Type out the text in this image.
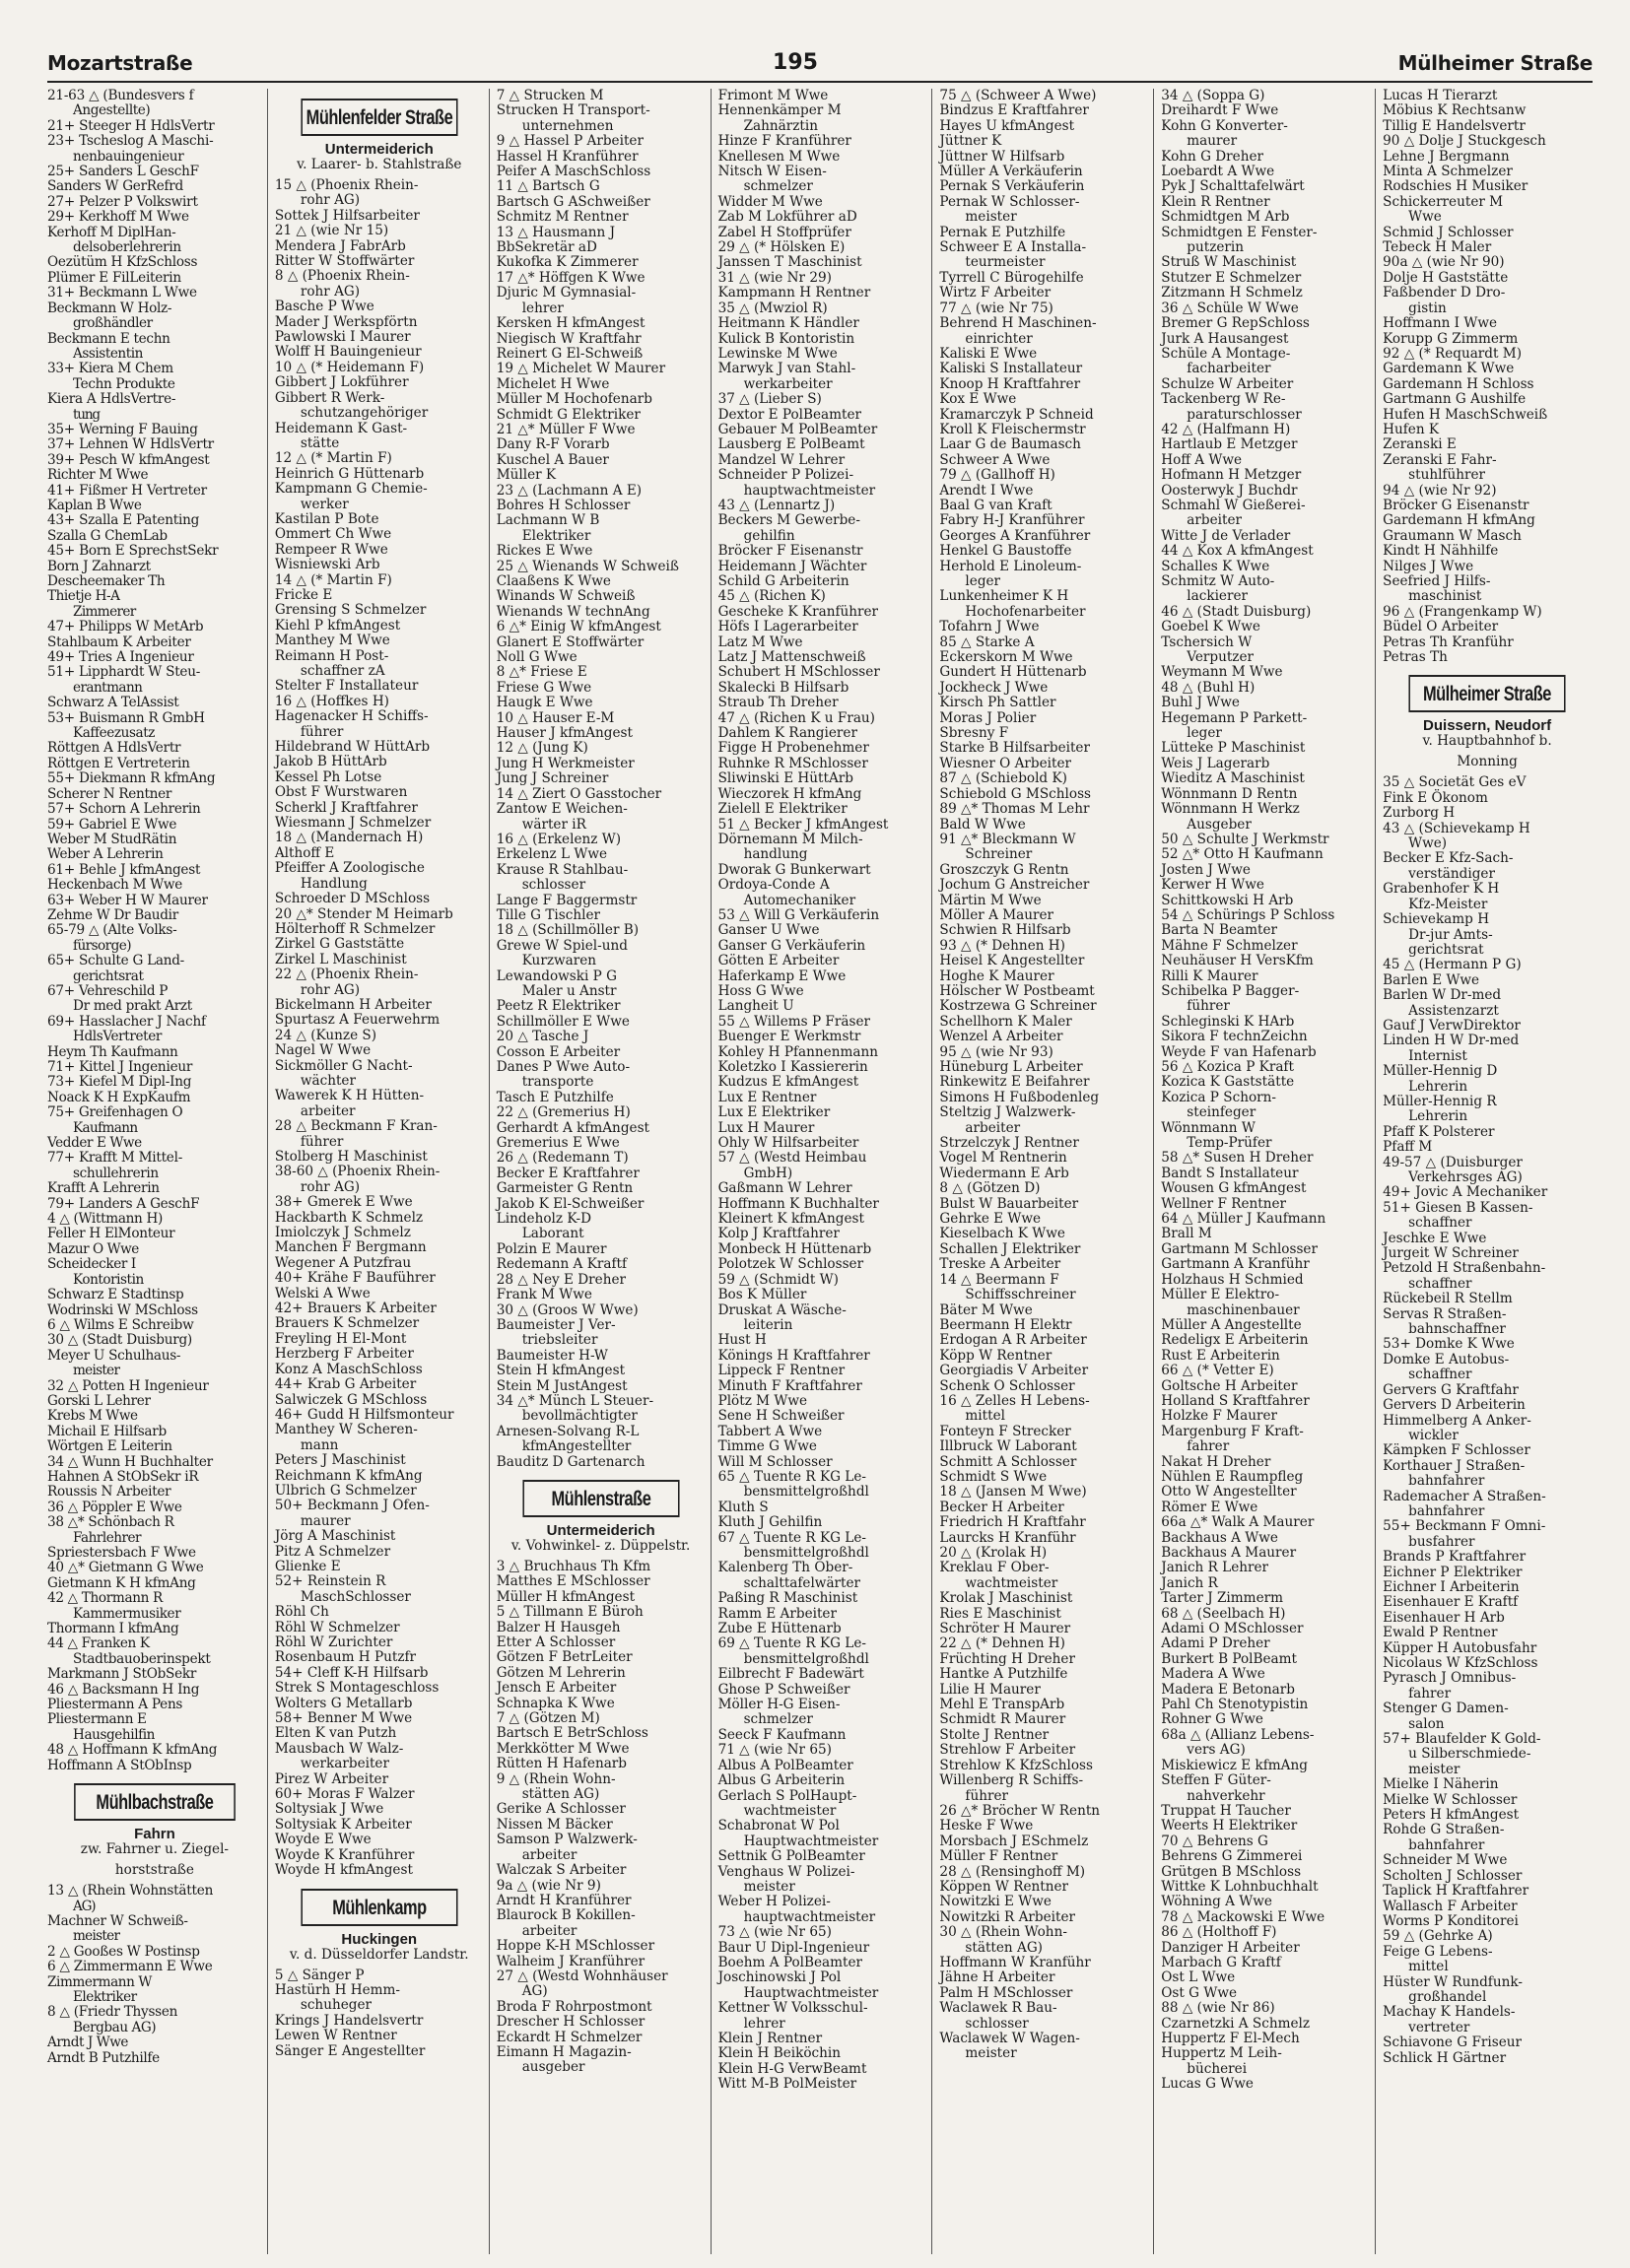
Mozartstraße	195	Mülheimer Straße
21-63 △ (Bundesvers f
Angestellte)
21+ Steeger H HdlsVertr
23+ Tscheslog A Maschi-
nenbauingenieur
25+ Sanders L GeschF
Sanders W GerRefrd
27+ Pelzer P Volkswirt
29+ Kerkhoff M Wwe
Kerhoff M DiplHan-
delsoberlehrerin
Oezütüm H KfzSchloss
Plümer E FilLeiterin
31+ Beckmann L Wwe
Beckmann W Holz-
großhändler
Beckmann E techn
Assistentin
33+ Kiera M Chem
Techn Produkte
Kiera A HdlsVertre-
tung
35+ Werning F Bauing
37+ Lehnen W HdlsVertr
39+ Pesch W kfmAngest
Richter M Wwe
41+ Fißmer H Vertreter
Kaplan B Wwe
43+ Szalla E Patenting
Szalla G ChemLab
45+ Born E SprechstSekr
Born J Zahnarzt
Descheemaker Th
Thietje H-A
Zimmerer
47+ Philipps W MetArb
Stahlbaum K Arbeiter
49+ Tries A Ingenieur
51+ Lipphardt W Steu-
erantmann
Schwarz A TelAssist
53+ Buismann R GmbH
Kaffeezusatz
Röttgen A HdlsVertr
Röttgen E Vertreterin
55+ Diekmann R kfmAng
Scherer N Rentner
57+ Schorn A Lehrerin
59+ Gabriel E Wwe
Weber M StudRätin
Weber A Lehrerin
61+ Behle J kfmAngest
Heckenbach M Wwe
63+ Weber H W Maurer
Zehme W Dr Baudir
65-79 △ (Alte Volks-
fürsorge)
65+ Schulte G Land-
gerichtsrat
67+ Vehreschild P
Dr med prakt Arzt
69+ Hasslacher J Nachf
HdlsVertreter
Heym Th Kaufmann
71+ Kittel J Ingenieur
73+ Kiefel M Dipl-Ing
Noack K H ExpKaufm
75+ Greifenhagen O
Kaufmann
Vedder E Wwe
77+ Krafft M Mittel-
schullehrerin
Krafft A Lehrerin
79+ Landers A GeschF
4 △ (Wittmann H)
Feller H ElMonteur
Mazur O Wwe
Scheidecker I
Kontoristin
Schwarz E Stadtinsp
Wodrinski W MSchloss
6 △ Wilms E Schreibw
30 △ (Stadt Duisburg)
Meyer U Schulhaus-
meister
32 △ Potten H Ingenieur
Gorski L Lehrer
Krebs M Wwe
Michail E Hilfsarb
Wörtgen E Leiterin
34 △ Wunn H Buchhalter
Hahnen A StObSekr iR
Roussis N Arbeiter
36 △ Pöppler E Wwe
38 △* Schönbach R
Fahrlehrer
Spriestersbach F Wwe
40 △* Gietmann G Wwe
Gietmann K H kfmAng
42 △ Thormann R
Kammermusiker
Thormann I kfmAng
44 △ Franken K
Stadtbauoberinspekt
Markmann J StObSekr
46 △ Backsmann H Ing
Pliestermann A Pens
Pliestermann E
Hausgehilfin
48 △ Hoffmann K kfmAng
Hoffmann A StObInsp
Mühlbachstraße
Fahrn
zw. Fahrner u. Ziegel-
horststraße
13 △ (Rhein Wohnstätten
AG)
Machner W Schweiß-
meister
2 △ Gooßes W Postinsp
6 △ Zimmermann E Wwe
Zimmermann W
Elektriker
8 △ (Friedr Thyssen
Bergbau AG)
Arndt J Wwe
Arndt B Putzhilfe
Mühlenfelder Straße
Untermeiderich
v. Laarer- b. Stahlstraße
15 △ (Phoenix Rhein-
rohr AG)
Sottek J Hilfsarbeiter
21 △ (wie Nr 15)
Mendera J FabrArb
Ritter W Stoffwärter
8 △ (Phoenix Rhein-
rohr AG)
Basche P Wwe
Mader J Werkspförtn
Pawlowski I Maurer
Wolff H Bauingenieur
10 △ (* Heidemann F)
Gibbert J Lokführer
Gibbert R Werk-
schutzangehöriger
Heidemann K Gast-
stätte
12 △ (* Martin F)
Heinrich G Hüttenarb
Kampmann G Chemie-
werker
Kastilan P Bote
Ommert Ch Wwe
Rempeer R Wwe
Wisniewski Arb
14 △ (* Martin F)
Fricke E
Grensing S Schmelzer
Kiehl P kfmAngest
Manthey M Wwe
Reimann H Post-
schaffner zA
Stelter F Installateur
16 △ (Hoffkes H)
Hagenacker H Schiffs-
führer
Hildebrand W HüttArb
Jakob B HüttArb
Kessel Ph Lotse
Obst F Wurstwaren
Scherkl J Kraftfahrer
Wiesmann J Schmelzer
18 △ (Mandernach H)
Althoff E
Pfeiffer A Zoologische
Handlung
Schroeder D MSchloss
20 △* Stender M Heimarb
Hölterhoff R Schmelzer
Zirkel G Gaststätte
Zirkel L Maschinist
22 △ (Phoenix Rhein-
rohr AG)
Bickelmann H Arbeiter
Spurtasz A Feuerwehrm
24 △ (Kunze S)
Nagel W Wwe
Sickmöller G Nacht-
wächter
Wawerek K H Hütten-
arbeiter
28 △ Beckmann F Kran-
führer
Stolberg H Maschinist
38-60 △ (Phoenix Rhein-
rohr AG)
38+ Gmerek E Wwe
Hackbarth K Schmelz
Imiolczyk J Schmelz
Manchen F Bergmann
Wegener A Putzfrau
40+ Krähe F Bauführer
Welski A Wwe
42+ Brauers K Arbeiter
Brauers K Schmelzer
Freyling H El-Mont
Herzberg F Arbeiter
Konz A MaschSchloss
44+ Krab G Arbeiter
Salwiczek G MSchloss
46+ Gudd H Hilfsmonteur
Manthey W Scheren-
mann
Peters J Maschinist
Reichmann K kfmAng
Ulbrich G Schmelzer
50+ Beckmann J Ofen-
maurer
Jörg A Maschinist
Pitz A Schmelzer
Glienke E
52+ Reinstein R
MaschSchlosser
Röhl Ch
Röhl W Schmelzer
Röhl W Zurichter
Rosenbaum H Putzfr
54+ Cleff K-H Hilfsarb
Strek S Montageschloss
Wolters G Metallarb
58+ Benner M Wwe
Elten K van Putzh
Mausbach W Walz-
werkarbeiter
Pirez W Arbeiter
60+ Moras F Walzer
Soltysiak J Wwe
Soltysiak K Arbeiter
Woyde E Wwe
Woyde K Kranführer
Woyde H kfmAngest
Mühlenkamp
Huckingen
v. d. Düsseldorfer Landstr.
5 △ Sänger P
Hastürh H Hemm-
schuheger
Krings J Handelsvertr
Lewen W Rentner
Sänger E Angestellter
7 △ Strucken M
Strucken H Transport-
unternehmen
9 △ Hassel P Arbeiter
Hassel H Kranführer
Peifer A MaschSchloss
11 △ Bartsch G
Bartsch G ASchweißer
Schmitz M Rentner
13 △ Hausmann J
BbSekretär aD
Kukofka K Zimmerer
17 △* Höffgen K Wwe
Djuric M Gymnasial-
lehrer
Kersken H kfmAngest
Niegisch W Kraftfahr
Reinert G El-Schweiß
19 △ Michelet W Maurer
Michelet H Wwe
Müller M Hochofenarb
Schmidt G Elektriker
21 △* Müller F Wwe
Dany R-F Vorarb
Kuschel A Bauer
Müller K
23 △ (Lachmann A E)
Bohres H Schlosser
Lachmann W B
Elektriker
Rickes E Wwe
25 △ Wienands W Schweiß
Claaßens K Wwe
Winands W Schweiß
Wienands W technAng
6 △* Einig W kfmAngest
Glanert E Stoffwärter
Noll G Wwe
8 △* Friese E
Friese G Wwe
Haugk E Wwe
10 △ Hauser E-M
Hauser J kfmAngest
12 △ (Jung K)
Jung H Werkmeister
Jung J Schreiner
14 △ Ziert O Gasstocher
Zantow E Weichen-
wärter iR
16 △ (Erkelenz W)
Erkelenz L Wwe
Krause R Stahlbau-
schlosser
Lange F Baggermstr
Tille G Tischler
18 △ (Schillmöller B)
Grewe W Spiel-und
Kurzwaren
Lewandowski P G
Maler u Anstr
Peetz R Elektriker
Schillmöller E Wwe
20 △ Tasche J
Cosson E Arbeiter
Danes P Wwe Auto-
transporte
Tasch E Putzhilfe
22 △ (Gremerius H)
Gerhardt A kfmAngest
Gremerius E Wwe
26 △ (Redemann T)
Becker E Kraftfahrer
Garmeister G Rentn
Jakob K El-Schweißer
Lindeholz K-D
Laborant
Polzin E Maurer
Redemann A Kraftf
28 △ Ney E Dreher
Frank M Wwe
30 △ (Groos W Wwe)
Baumeister J Ver-
triebsleiter
Baumeister H-W
Stein H kfmAngest
Stein M JustAngest
34 △* Münch L Steuer-
bevollmächtigter
Arnesen-Solvang R-L
kfmAngestellter
Bauditz D Gartenarch
Mühlenstraße
Untermeiderich
v. Vohwinkel- z. Düppelstr.
3 △ Bruchhaus Th Kfm
Matthes E MSchlosser
Müller H kfmAngest
5 △ Tillmann E Büroh
Balzer H Hausgeh
Etter A Schlosser
Götzen F BetrLeiter
Götzen M Lehrerin
Jensch E Arbeiter
Schnapka K Wwe
7 △ (Götzen M)
Bartsch E BetrSchloss
Merkkötter M Wwe
Rütten H Hafenarb
9 △ (Rhein Wohn-
stätten AG)
Gerike A Schlosser
Nissen M Bäcker
Samson P Walzwerk-
arbeiter
Walczak S Arbeiter
9a △ (wie Nr 9)
Arndt H Kranführer
Blaurock B Kokillen-
arbeiter
Hoppe K-H MSchlosser
Walheim J Kranführer
27 △ (Westd Wohnhäuser
AG)
Broda F Rohrpostmont
Drescher H Schlosser
Eckardt H Schmelzer
Eimann H Magazin-
ausgeber
Frimont M Wwe
Hennenkämper M
Zahnärztin
Hinze F Kranführer
Knellesen M Wwe
Nitsch W Eisen-
schmelzer
Widder M Wwe
Zab M Lokführer aD
Zabel H Stoffprüfer
29 △ (* Hölsken E)
Janssen T Maschinist
31 △ (wie Nr 29)
Kampmann H Rentner
35 △ (Mwziol R)
Heitmann K Händler
Kulick B Kontoristin
Lewinske M Wwe
Marwyk J van Stahl-
werkarbeiter
37 △ (Lieber S)
Dextor E PolBeamter
Gebauer M PolBeamter
Lausberg E PolBeamt
Mandzel W Lehrer
Schneider P Polizei-
hauptwachtmeister
43 △ (Lennartz J)
Beckers M Gewerbe-
gehilfin
Bröcker F Eisenanstr
Heidemann J Wächter
Schild G Arbeiterin
45 △ (Richen K)
Gescheke K Kranführer
Höfs I Lagerarbeiter
Latz M Wwe
Latz J Mattenschweiß
Schubert H MSchlosser
Skalecki B Hilfsarb
Straub Th Dreher
47 △ (Richen K u Frau)
Dahlem K Rangierer
Figge H Probenehmer
Ruhnke R MSchlosser
Sliwinski E HüttArb
Wieczorek H kfmAng
Zielell E Elektriker
51 △ Becker J kfmAngest
Dörnemann M Milch-
handlung
Dworak G Bunkerwart
Ordoya-Conde A
Automechaniker
53 △ Will G Verkäuferin
Ganser U Wwe
Ganser G Verkäuferin
Götten E Arbeiter
Haferkamp E Wwe
Hoss G Wwe
Langheit U
55 △ Willems P Fräser
Buenger E Werkmstr
Kohley H Pfannenmann
Koletzko I Kassiererin
Kudzus E kfmAngest
Lux E Rentner
Lux E Elektriker
Lux H Maurer
Ohly W Hilfsarbeiter
57 △ (Westd Heimbau
GmbH)
Gaßmann W Lehrer
Hoffmann K Buchhalter
Kleinert K kfmAngest
Kolp J Kraftfahrer
Monbeck H Hüttenarb
Polotzek W Schlosser
59 △ (Schmidt W)
Bos K Müller
Druskat A Wäsche-
leiterin
Hust H
Könings H Kraftfahrer
Lippeck F Rentner
Minuth F Kraftfahrer
Plötz M Wwe
Sene H Schweißer
Tabbert A Wwe
Timme G Wwe
Will M Schlosser
65 △ Tuente R KG Le-
bensmittelgroßhdl
Kluth S
Kluth J Gehilfin
67 △ Tuente R KG Le-
bensmittelgroßhdl
Kalenberg Th Ober-
schalttafelwärter
Paßing R Maschinist
Ramm E Arbeiter
Zube E Hüttenarb
69 △ Tuente R KG Le-
bensmittelgroßhdl
Eilbrecht F Badewärt
Ghose P Schweißer
Möller H-G Eisen-
schmelzer
Seeck F Kaufmann
71 △ (wie Nr 65)
Albus A PolBeamter
Albus G Arbeiterin
Gerlach S PolHaupt-
wachtmeister
Schabronat W Pol
Hauptwachtmeister
Settnik G PolBeamter
Venghaus W Polizei-
meister
Weber H Polizei-
hauptwachtmeister
73 △ (wie Nr 65)
Baur U Dipl-Ingenieur
Boehm A PolBeamter
Joschinowski J Pol
Hauptwachtmeister
Kettner W Volksschul-
lehrer
Klein J Rentner
Klein H Beiköchin
Klein H-G VerwBeamt
Witt M-B PolMeister
75 △ (Schweer A Wwe)
Bindzus E Kraftfahrer
Hayes U kfmAngest
Jüttner K
Jüttner W Hilfsarb
Müller A Verkäuferin
Pernak S Verkäuferin
Pernak W Schlosser-
meister
Pernak E Putzhilfe
Schweer E A Installa-
teurmeister
Tyrrell C Bürogehilfe
Wirtz F Arbeiter
77 △ (wie Nr 75)
Behrend H Maschinen-
einrichter
Kaliski E Wwe
Kaliski S Installateur
Knoop H Kraftfahrer
Kox E Wwe
Kramarczyk P Schneid
Kroll K Fleischermstr
Laar G de Baumasch
Schweer A Wwe
79 △ (Gallhoff H)
Arendt I Wwe
Baal G van Kraft
Fabry H-J Kranführer
Georges A Kranführer
Henkel G Baustoffe
Herhold E Linoleum-
leger
Lunkenheimer K H
Hochofenarbeiter
Tofahrn J Wwe
85 △ Starke A
Eckerskorn M Wwe
Gundert H Hüttenarb
Jockheck J Wwe
Kirsch Ph Sattler
Moras J Polier
Sbresny F
Starke B Hilfsarbeiter
Wiesner O Arbeiter
87 △ (Schiebold K)
Schiebold G MSchloss
89 △* Thomas M Lehr
Bald W Wwe
91 △* Bleckmann W
Schreiner
Groszczyk G Rentn
Jochum G Anstreicher
Märtin M Wwe
Möller A Maurer
Schwien R Hilfsarb
93 △ (* Dehnen H)
Heisel K Angestellter
Hoghe K Maurer
Hölscher W Postbeamt
Kostrzewa G Schreiner
Schellhorn K Maler
Wenzel A Arbeiter
95 △ (wie Nr 93)
Hüneburg L Arbeiter
Rinkewitz E Beifahrer
Simons H Fußbodenleg
Steltzig J Walzwerk-
arbeiter
Strzelczyk J Rentner
Vogel M Rentnerin
Wiedermann E Arb
8 △ (Götzen D)
Bulst W Bauarbeiter
Gehrke E Wwe
Kieselbach K Wwe
Schallen J Elektriker
Treske A Arbeiter
14 △ Beermann F
Schiffsschreiner
Bäter M Wwe
Beermann H Elektr
Erdogan A R Arbeiter
Köpp W Rentner
Georgiadis V Arbeiter
Schenk O Schlosser
16 △ Zelles H Lebens-
mittel
Fonteyn F Strecker
Illbruck W Laborant
Schmitt A Schlosser
Schmidt S Wwe
18 △ (Jansen M Wwe)
Becker H Arbeiter
Friedrich H Kraftfahr
Laurcks H Kranführ
20 △ (Krolak H)
Kreklau F Ober-
wachtmeister
Krolak J Maschinist
Ries E Maschinist
Schröter H Maurer
22 △ (* Dehnen H)
Früchting H Dreher
Hantke A Putzhilfe
Lilie H Maurer
Mehl E TranspArb
Schmidt R Maurer
Stolte J Rentner
Strehlow F Arbeiter
Strehlow K KfzSchloss
Willenberg R Schiffs-
führer
26 △* Bröcher W Rentn
Heske F Wwe
Morsbach J ESchmelz
Müller F Rentner
28 △ (Rensinghoff M)
Köppen W Rentner
Nowitzki E Wwe
Nowitzki R Arbeiter
30 △ (Rhein Wohn-
stätten AG)
Hoffmann W Kranführ
Jähne H Arbeiter
Palm H MSchlosser
Waclawek R Bau-
schlosser
Waclawek W Wagen-
meister
34 △ (Soppa G)
Dreihardt F Wwe
Kohn G Konverter-
maurer
Kohn G Dreher
Loebardt A Wwe
Pyk J Schalttafelwärt
Klein R Rentner
Schmidtgen M Arb
Schmidtgen E Fenster-
putzerin
Struß W Maschinist
Stutzer E Schmelzer
Zitzmann H Schmelz
36 △ Schüle W Wwe
Bremer G RepSchloss
Jurk A Hausangest
Schüle A Montage-
facharbeiter
Schulze W Arbeiter
Tackenberg W Re-
paraturschlosser
42 △ (Halfmann H)
Hartlaub E Metzger
Hoff A Wwe
Hofmann H Metzger
Oosterwyk J Buchdr
Schmahl W Gießerei-
arbeiter
Witte J de Verlader
44 △ Kox A kfmAngest
Schalles K Wwe
Schmitz W Auto-
lackierer
46 △ (Stadt Duisburg)
Goebel K Wwe
Tschersich W
Verputzer
Weymann M Wwe
48 △ (Buhl H)
Buhl J Wwe
Hegemann P Parkett-
leger
Lütteke P Maschinist
Weis J Lagerarb
Wieditz A Maschinist
Wönnmann D Rentn
Wönnmann H Werkz
Ausgeber
50 △ Schulte J Werkmstr
52 △* Otto H Kaufmann
Josten J Wwe
Kerwer H Wwe
Schittkowski H Arb
54 △ Schürings P Schloss
Barta N Beamter
Mähne F Schmelzer
Neuhäuser H VersKfm
Rilli K Maurer
Schibelka P Bagger-
führer
Schleginski K HArb
Sikora F technZeichn
Weyde F van Hafenarb
56 △ Kozica P Kraft
Kozica K Gaststätte
Kozica P Schorn-
steinfeger
Wönnmann W
Temp-Prüfer
58 △* Susen H Dreher
Bandt S Installateur
Wousen G kfmAngest
Wellner F Rentner
64 △ Müller J Kaufmann
Brall M
Gartmann M Schlosser
Gartmann A Kranführ
Holzhaus H Schmied
Müller E Elektro-
maschinenbauer
Müller A Angestellte
Redeligx E Arbeiterin
Rust E Arbeiterin
66 △ (* Vetter E)
Goltsche H Arbeiter
Holland S Kraftfahrer
Holzke F Maurer
Margenburg F Kraft-
fahrer
Nakat H Dreher
Nühlen E Raumpfleg
Otto W Angestellter
Römer E Wwe
66a △* Walk A Maurer
Backhaus A Wwe
Backhaus A Maurer
Janich R Lehrer
Janich R
Tarter J Zimmerm
68 △ (Seelbach H)
Adami O MSchlosser
Adami P Dreher
Burkert B PolBeamt
Madera A Wwe
Madera E Betonarb
Pahl Ch Stenotypistin
Rohner G Wwe
68a △ (Allianz Lebens-
vers AG)
Miskiewicz E kfmAng
Steffen F Güter-
nahverkehr
Truppat H Taucher
Weerts H Elektriker
70 △ Behrens G
Behrens G Zimmerei
Grütgen B MSchloss
Wittke K Lohnbuchhalt
Wöhning A Wwe
78 △ Mackowski E Wwe
86 △ (Holthoff F)
Danziger H Arbeiter
Marbach G Kraftf
Ost L Wwe
Ost G Wwe
88 △ (wie Nr 86)
Czarnetzki A Schmelz
Huppertz F El-Mech
Huppertz M Leih-
bücherei
Lucas G Wwe
Lucas H Tierarzt
Möbius K Rechtsanw
Tillig E Handelsvertr
90 △ Dolje J Stuckgesch
Lehne J Bergmann
Minta A Schmelzer
Rodschies H Musiker
Schickerreuter M
Wwe
Schmid J Schlosser
Tebeck H Maler
90a △ (wie Nr 90)
Dolje H Gaststätte
Faßbender D Dro-
gistin
Hoffmann I Wwe
Korupp G Zimmerm
92 △ (* Requardt M)
Gardemann K Wwe
Gardemann H Schloss
Gartmann G Aushilfe
Hufen H MaschSchweiß
Hufen K
Zeranski E
Zeranski E Fahr-
stuhlführer
94 △ (wie Nr 92)
Bröcker G Eisenanstr
Gardemann H kfmAng
Graumann W Masch
Kindt H Nähhilfe
Nilges J Wwe
Seefried J Hilfs-
maschinist
96 △ (Frangenkamp W)
Büdel O Arbeiter
Petras Th Kranführ
Petras Th
Mülheimer Straße
Duissern, Neudorf
v. Hauptbahnhof b.
Monning
35 △ Societät Ges eV
Fink E Ökonom
Zurborg H
43 △ (Schievekamp H
Wwe)
Becker E Kfz-Sach-
verständiger
Grabenhofer K H
Kfz-Meister
Schievekamp H
Dr-jur Amts-
gerichtsrat
45 △ (Hermann P G)
Barlen E Wwe
Barlen W Dr-med
Assistenzarzt
Gauf J VerwDirektor
Linden H W Dr-med
Internist
Müller-Hennig D
Lehrerin
Müller-Hennig R
Lehrerin
Pfaff K Polsterer
Pfaff M
49-57 △ (Duisburger
Verkehrsges AG)
49+ Jovic A Mechaniker
51+ Giesen B Kassen-
schaffner
Jeschke E Wwe
Jurgeit W Schreiner
Petzold H Straßenbahn-
schaffner
Rückebeil R Stellm
Servas R Straßen-
bahnschaffner
53+ Domke K Wwe
Domke E Autobus-
schaffner
Gervers G Kraftfahr
Gervers D Arbeiterin
Himmelberg A Anker-
wickler
Kämpken F Schlosser
Korthauer J Straßen-
bahnfahrer
Rademacher A Straßen-
bahnfahrer
55+ Beckmann F Omni-
busfahrer
Brands P Kraftfahrer
Eichner P Elektriker
Eichner I Arbeiterin
Eisenhauer E Kraftf
Eisenhauer H Arb
Ewald P Rentner
Küpper H Autobusfahr
Nicolaus W KfzSchloss
Pyrasch J Omnibus-
fahrer
Stenger G Damen-
salon
57+ Blaufelder K Gold-
u Silberschmiede-
meister
Mielke I Näherin
Mielke W Schlosser
Peters H kfmAngest
Rohde G Straßen-
bahnfahrer
Schneider M Wwe
Scholten J Schlosser
Taplick H Kraftfahrer
Wallasch F Arbeiter
Worms P Konditorei
59 △ (Gehrke A)
Feige G Lebens-
mittel
Hüster W Rundfunk-
großhandel
Machay K Handels-
vertreter
Schiavone G Friseur
Schlick H Gärtner
